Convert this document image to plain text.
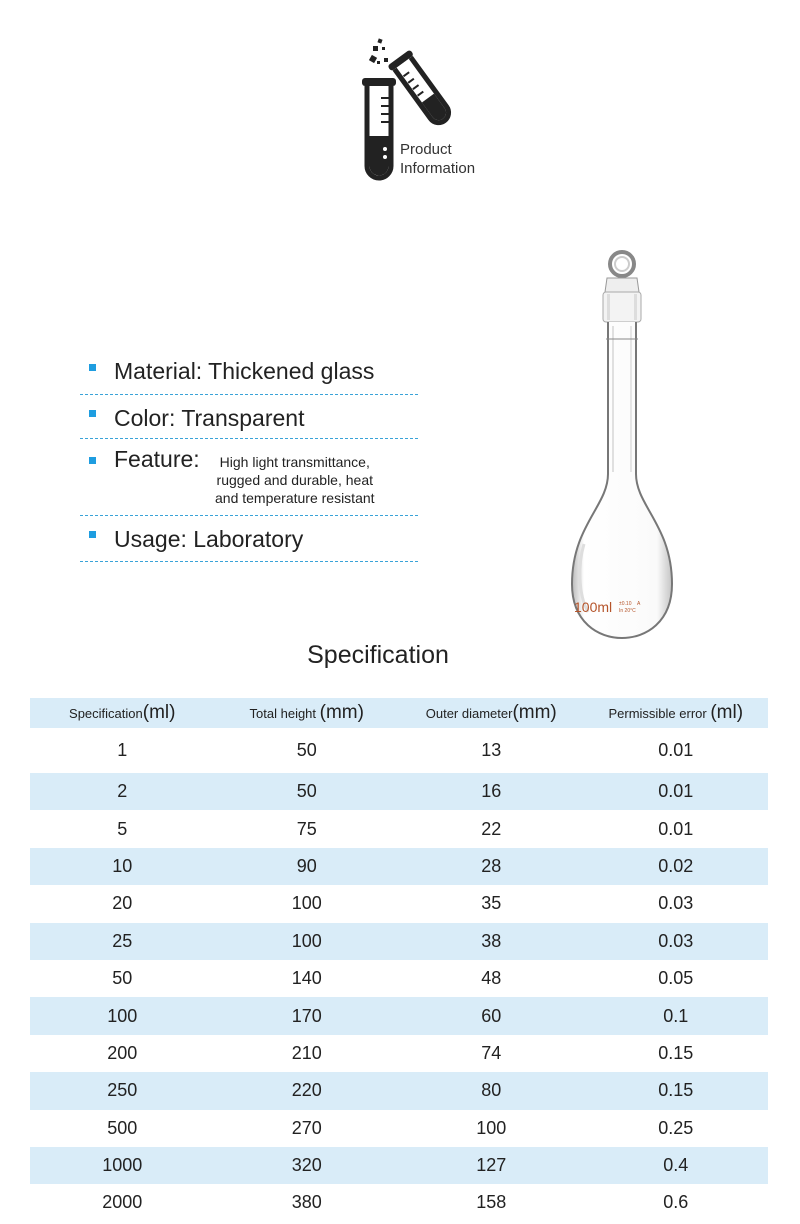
Product
Information
Material: Thickened glass
Color: Transparent
Feature:	High light transmittance,
rugged and durable, heat
and temperature resistant
Usage: Laboratory
100ml ±0.10 A
In 20°C
Specification
Specification(ml)	Total height (mm)	Outer diameter(mm)	Permissible error (ml)
1	50	13	0.01
2	50	16	0.01
5	75	22	0.01
10	90	28	0.02
20	100	35	0.03
25	100	38	0.03
50	140	48	0.05
100	170	60	0.1
200	210	74	0.15
250	220	80	0.15
500	270	100	0.25
1000	320	127	0.4
2000	380	158	0.6
